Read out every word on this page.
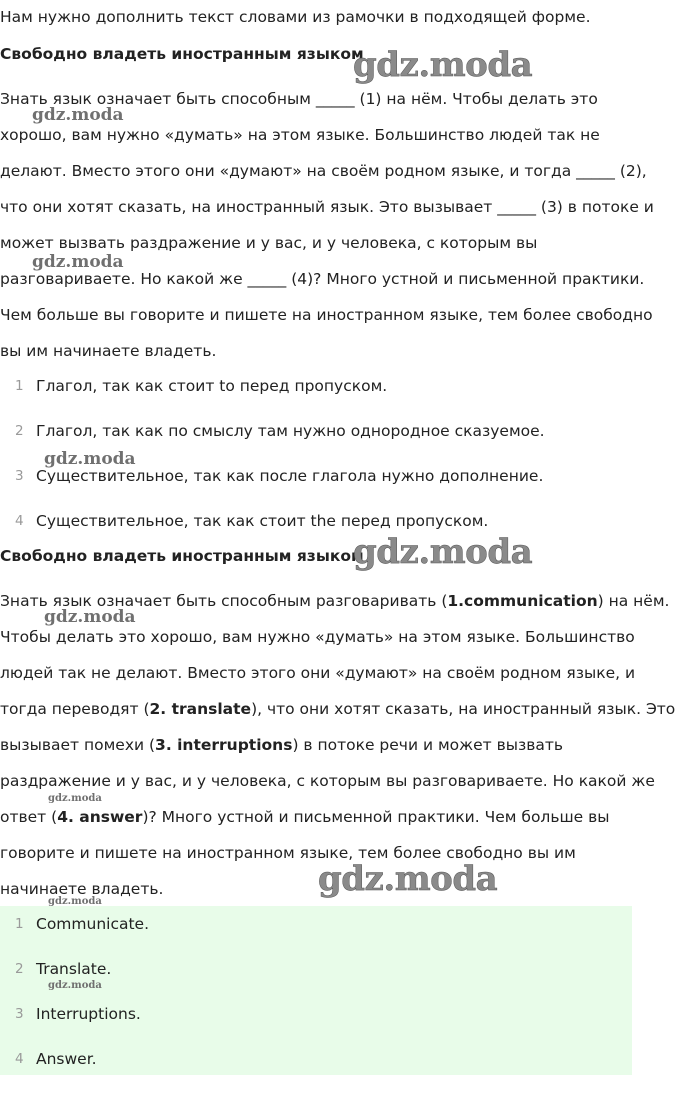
Нам нужно дополнить текст словами из рамочки в подходящей форме.
Свободно владеть иностранным языком
Знать язык означает быть способным _____ (1) на нём. Чтобы делать это
хорошо, вам нужно «думать» на этом языке. Большинство людей так не
делают. Вместо этого они «думают» на своём родном языке, и тогда _____ (2),
что они хотят сказать, на иностранный язык. Это вызывает _____ (3) в потоке и
может вызвать раздражение и у вас, и у человека, с которым вы
разговариваете. Но какой же _____ (4)? Много устной и письменной практики.
Чем больше вы говорите и пишете на иностранном языке, тем более свободно
вы им начинаете владеть.
1 Глагол, так как стоит to перед пропуском.
2 Глагол, так как по смыслу там нужно однородное сказуемое.
3 Существительное, так как после глагола нужно дополнение.
4 Существительное, так как стоит the перед пропуском.
Свободно владеть иностранным языком
Знать язык означает быть способным разговаривать (1.communication) на нём.
Чтобы делать это хорошо, вам нужно «думать» на этом языке. Большинство
людей так не делают. Вместо этого они «думают» на своём родном языке, и
тогда переводят (2. translate), что они хотят сказать, на иностранный язык. Это
вызывает помехи (3. interruptions) в потоке речи и может вызвать
раздражение и у вас, и у человека, с которым вы разговариваете. Но какой же
ответ (4. answer)? Много устной и письменной практики. Чем больше вы
говорите и пишете на иностранном языке, тем более свободно вы им
начинаете владеть.
1 Communicate.
2 Translate.
3 Interruptions.
4 Answer.
gdz.moda
gdz.moda
gdz.moda
gdz.moda
gdz.moda
gdz.moda
gdz.moda
gdz.moda
gdz.moda
gdz.moda
